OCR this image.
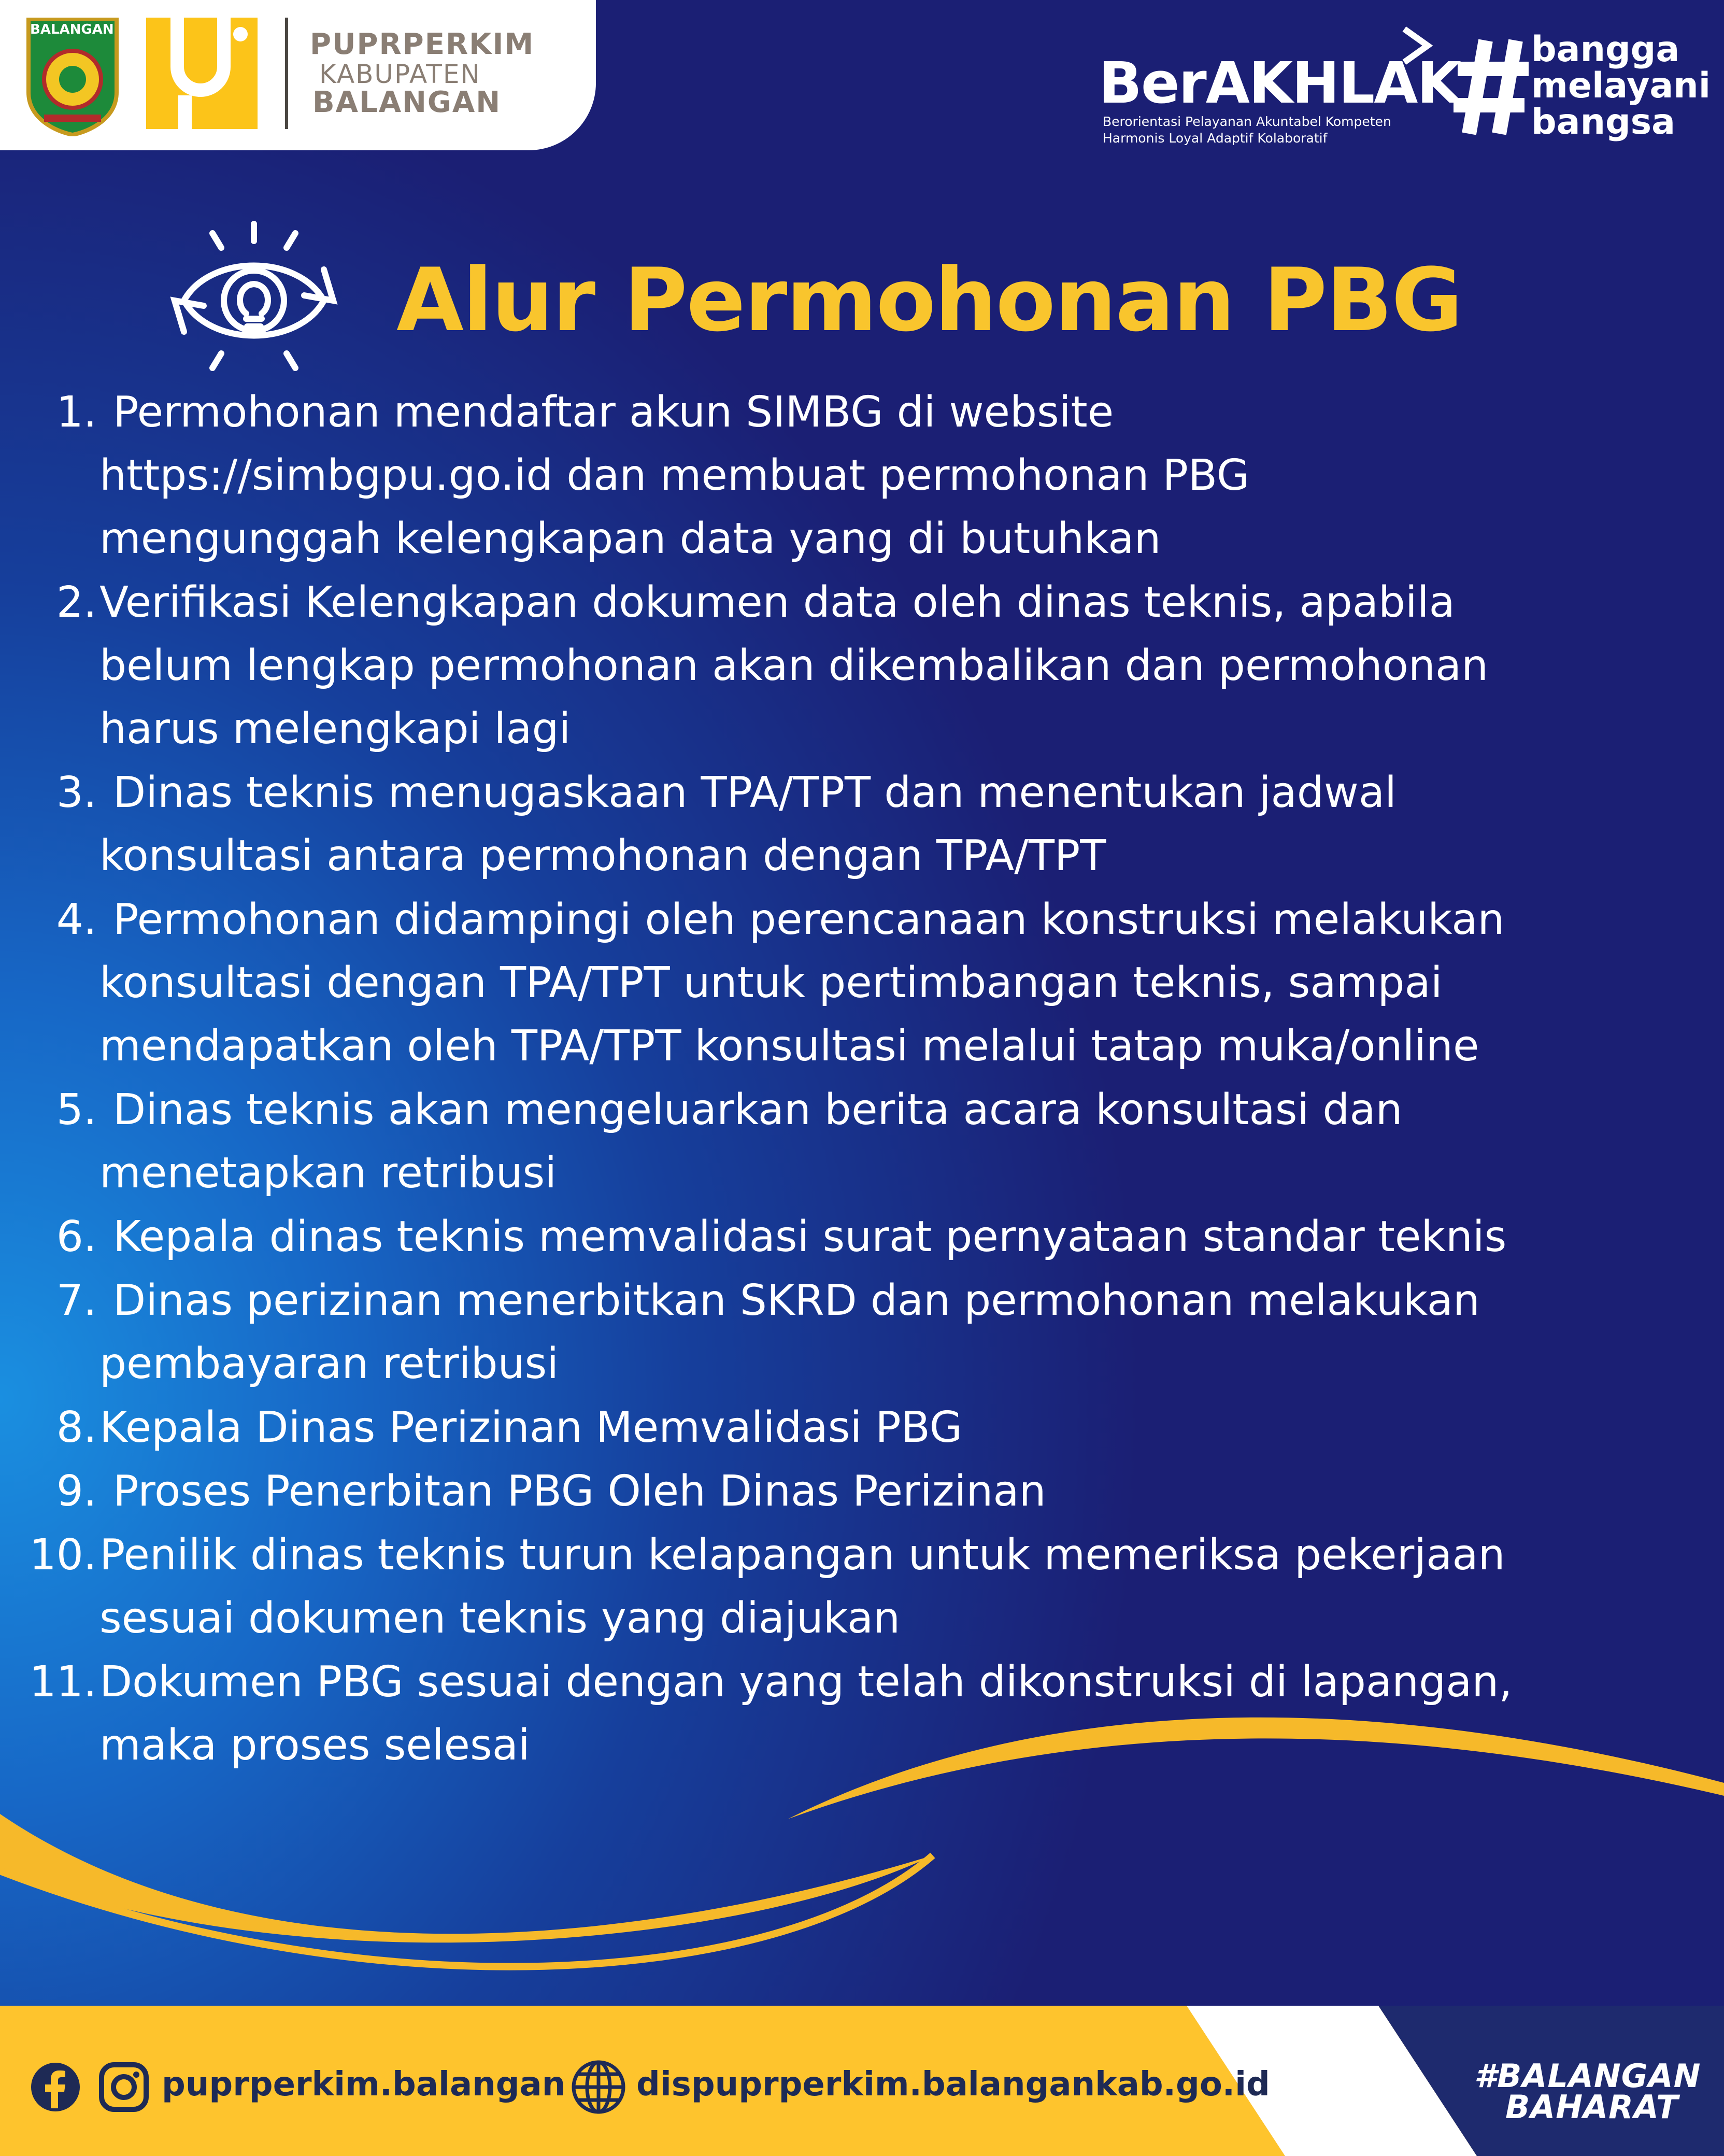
BALANGAN	PUPRPERKIM
KABUPATEN
BALANGAN	BerAKHLAK
Berorientasi Pelayanan Akuntabel Kompeten
Harmonis Loyal Adaptif Kolaboratif
bangga
melayani
bangsa
Alur Permohonan PBG
1. Permohonan mendaftar akun SIMBG di website
https://simbgpu.go.id dan membuat permohonan PBG
mengunggah kelengkapan data yang di butuhkan
2. Verifikasi Kelengkapan dokumen data oleh dinas teknis, apabila
belum lengkap permohonan akan dikembalikan dan permohonan
harus melengkapi lagi
3. Dinas teknis menugaskaan TPA/TPT dan menentukan jadwal
konsultasi antara permohonan dengan TPA/TPT
4. Permohonan didampingi oleh perencanaan konstruksi melakukan
konsultasi dengan TPA/TPT untuk pertimbangan teknis, sampai
mendapatkan oleh TPA/TPT konsultasi melalui tatap muka/online
5. Dinas teknis akan mengeluarkan berita acara konsultasi dan
menetapkan retribusi
6. Kepala dinas teknis memvalidasi surat pernyataan standar teknis
7. Dinas perizinan menerbitkan SKRD dan permohonan melakukan
pembayaran retribusi
8. Kepala Dinas Perizinan Memvalidasi PBG
9. Proses Penerbitan PBG Oleh Dinas Perizinan
10. Penilik dinas teknis turun kelapangan untuk memeriksa pekerjaan
sesuai dokumen teknis yang diajukan
11. Dokumen PBG sesuai dengan yang telah dikonstruksi di lapangan,
maka proses selesai
puprperkim.balangan dispuprperkim.balangankab.go.id	#BALANGAN
BAHARAT
